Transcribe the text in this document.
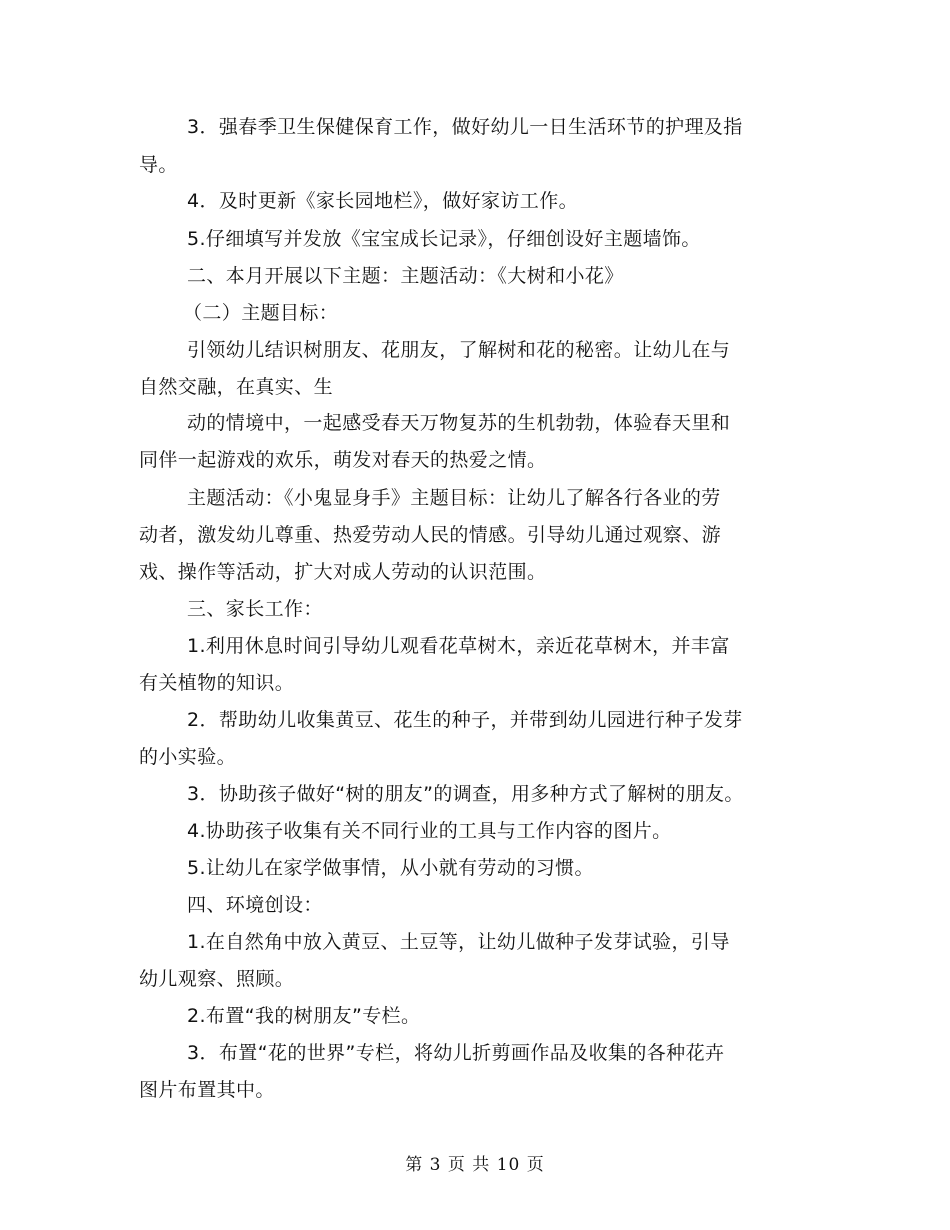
3．强春季卫生保健保育工作，做好幼儿一日生活环节的护理及指
导。
4．及时更新《家长园地栏》，做好家访工作。
5.仔细填写并发放《宝宝成长记录》，仔细创设好主题墙饰。
二、本月开展以下主题：主题活动：《大树和小花》
（二）主题目标：
引领幼儿结识树朋友、花朋友，了解树和花的秘密。让幼儿在与
自然交融，在真实、生
动的情境中，一起感受春天万物复苏的生机勃勃，体验春天里和
同伴一起游戏的欢乐，萌发对春天的热爱之情。
主题活动：《小鬼显身手》主题目标：让幼儿了解各行各业的劳
动者，激发幼儿尊重、热爱劳动人民的情感。引导幼儿通过观察、游
戏、操作等活动，扩大对成人劳动的认识范围。
三、家长工作：
1.利用休息时间引导幼儿观看花草树木，亲近花草树木，并丰富
有关植物的知识。
2．帮助幼儿收集黄豆、花生的种子，并带到幼儿园进行种子发芽
的小实验。
3．协助孩子做好“树的朋友”的调查，用多种方式了解树的朋友。
4.协助孩子收集有关不同行业的工具与工作内容的图片。
5.让幼儿在家学做事情，从小就有劳动的习惯。
四、环境创设：
1.在自然角中放入黄豆、土豆等，让幼儿做种子发芽试验，引导
幼儿观察、照顾。
2.布置“我的树朋友”专栏。
3．布置“花的世界”专栏，将幼儿折剪画作品及收集的各种花卉
图片布置其中。
第 3 页 共 10 页
